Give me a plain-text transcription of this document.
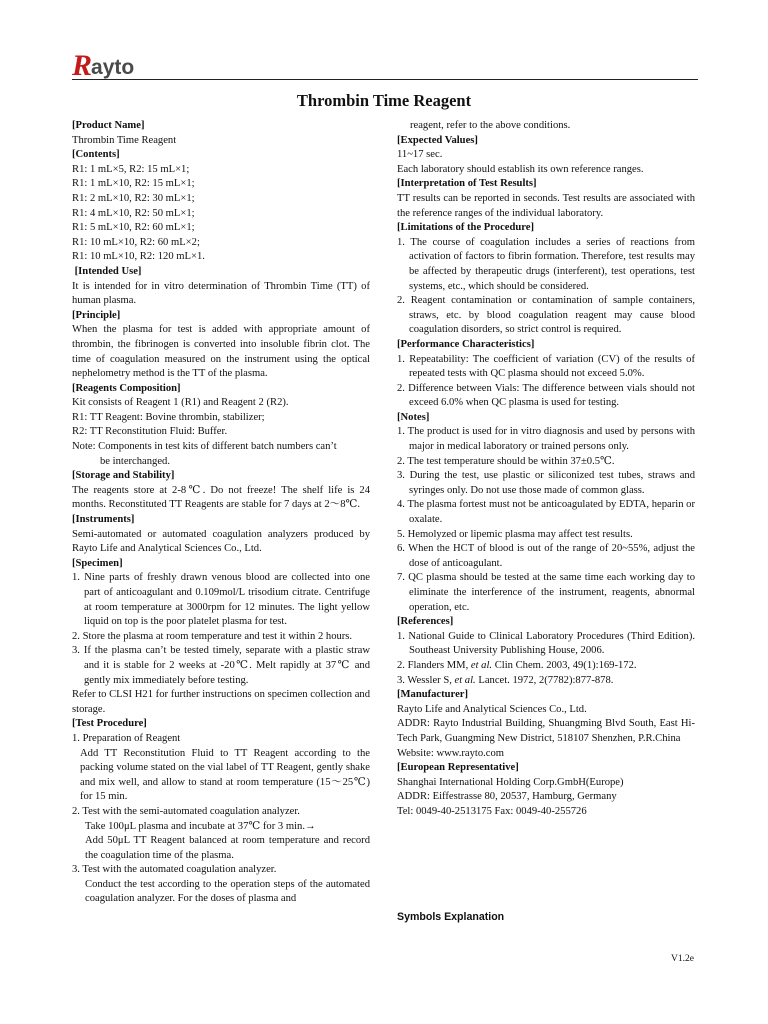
R ayto
Thrombin Time Reagent
[Product Name]
Thrombin Time Reagent
[Contents]
R1: 1 mL×5, R2: 15 mL×1;
R1: 1 mL×10, R2: 15 mL×1;
R1: 2 mL×10, R2: 30 mL×1;
R1: 4 mL×10, R2: 50 mL×1;
R1: 5 mL×10, R2: 60 mL×1;
R1: 10 mL×10, R2: 60 mL×2;
R1: 10 mL×10, R2: 120 mL×1.
[Intended Use]
It is intended for in vitro determination of Thrombin Time (TT) of human plasma.
[Principle]
When the plasma for test is added with appropriate amount of thrombin, the fibrinogen is converted into insoluble fibrin clot. The time of coagulation measured on the instrument using the optical nephelometry method is the TT of the plasma.
[Reagents Composition]
Kit consists of Reagent 1 (R1) and Reagent 2 (R2).
R1: TT Reagent: Bovine thrombin, stabilizer;
R2: TT Reconstitution Fluid: Buffer.
Note: Components in test kits of different batch numbers can’t
be interchanged.
[Storage and Stability]
The reagents store at 2-8℃. Do not freeze! The shelf life is 24 months. Reconstituted TT Reagents are stable for 7 days at 2～8℃.
[Instruments]
Semi-automated or automated coagulation analyzers produced by Rayto Life and Analytical Sciences Co., Ltd.
[Specimen]
1. Nine parts of freshly drawn venous blood are collected into one part of anticoagulant and 0.109mol/L trisodium citrate. Centrifuge at room temperature at 3000rpm for 12 minutes. The light yellow liquid on top is the poor platelet plasma for test.
2. Store the plasma at room temperature and test it within 2 hours.
3. If the plasma can’t be tested timely, separate with a plastic straw and it is stable for 2 weeks at -20℃. Melt rapidly at 37℃ and gently mix immediately before testing.
Refer to CLSI H21 for further instructions on specimen collection and storage.
[Test Procedure]
1. Preparation of Reagent
Add TT Reconstitution Fluid to TT Reagent according to the packing volume stated on the vial label of TT Reagent, gently shake and mix well, and allow to stand at room temperature (15～25℃) for 15 min.
2. Test with the semi-automated coagulation analyzer.
Take 100μL plasma and incubate at 37℃ for 3 min.→
Add 50μL TT Reagent balanced at room temperature and record the coagulation time of the plasma.
3. Test with the automated coagulation analyzer.
Conduct the test according to the operation steps of the automated coagulation analyzer. For the doses of plasma and
reagent, refer to the above conditions.
[Expected Values]
11~17 sec.
Each laboratory should establish its own reference ranges.
[Interpretation of Test Results]
TT results can be reported in seconds. Test results are associated with the reference ranges of the individual laboratory.
[Limitations of the Procedure]
1. The course of coagulation includes a series of reactions from activation of factors to fibrin formation. Therefore, test results may be affected by therapeutic drugs (interferent), test operations, test systems, etc., which should be considered.
2. Reagent contamination or contamination of sample containers, straws, etc. by blood coagulation reagent may cause blood coagulation disorders, so strict control is required.
[Performance Characteristics]
1. Repeatability: The coefficient of variation (CV) of the results of repeated tests with QC plasma should not exceed 5.0%.
2. Difference between Vials: The difference between vials should not exceed 6.0% when QC plasma is used for testing.
[Notes]
1. The product is used for in vitro diagnosis and used by persons with major in medical laboratory or trained persons only.
2. The test temperature should be within 37±0.5℃.
3. During the test, use plastic or siliconized test tubes, straws and syringes only. Do not use those made of common glass.
4. The plasma fortest must not be anticoagulated by EDTA, heparin or oxalate.
5. Hemolyzed or lipemic plasma may affect test results.
6. When the HCT of blood is out of the range of 20~55%, adjust the dose of anticoagulant.
7. QC plasma should be tested at the same time each working day to eliminate the interference of the instrument, reagents, abnormal operation, etc.
[References]
1. National Guide to Clinical Laboratory Procedures (Third Edition). Southeast University Publishing House, 2006.
2. Flanders MM, et al. Clin Chem. 2003, 49(1):169-172.
3. Wessler S, et al. Lancet. 1972, 2(7782):877-878.
[Manufacturer]
Rayto Life and Analytical Sciences Co., Ltd.
ADDR: Rayto Industrial Building, Shuangming Blvd South, East Hi-Tech Park, Guangming New District, 518107 Shenzhen, P.R.China
Website: www.rayto.com
[European Representative]
Shanghai International Holding Corp.GmbH(Europe)
ADDR: Eiffestrasse 80, 20537, Hamburg, Germany
Tel: 0049-40-2513175 Fax: 0049-40-255726
Symbols Explanation
V1.2e
